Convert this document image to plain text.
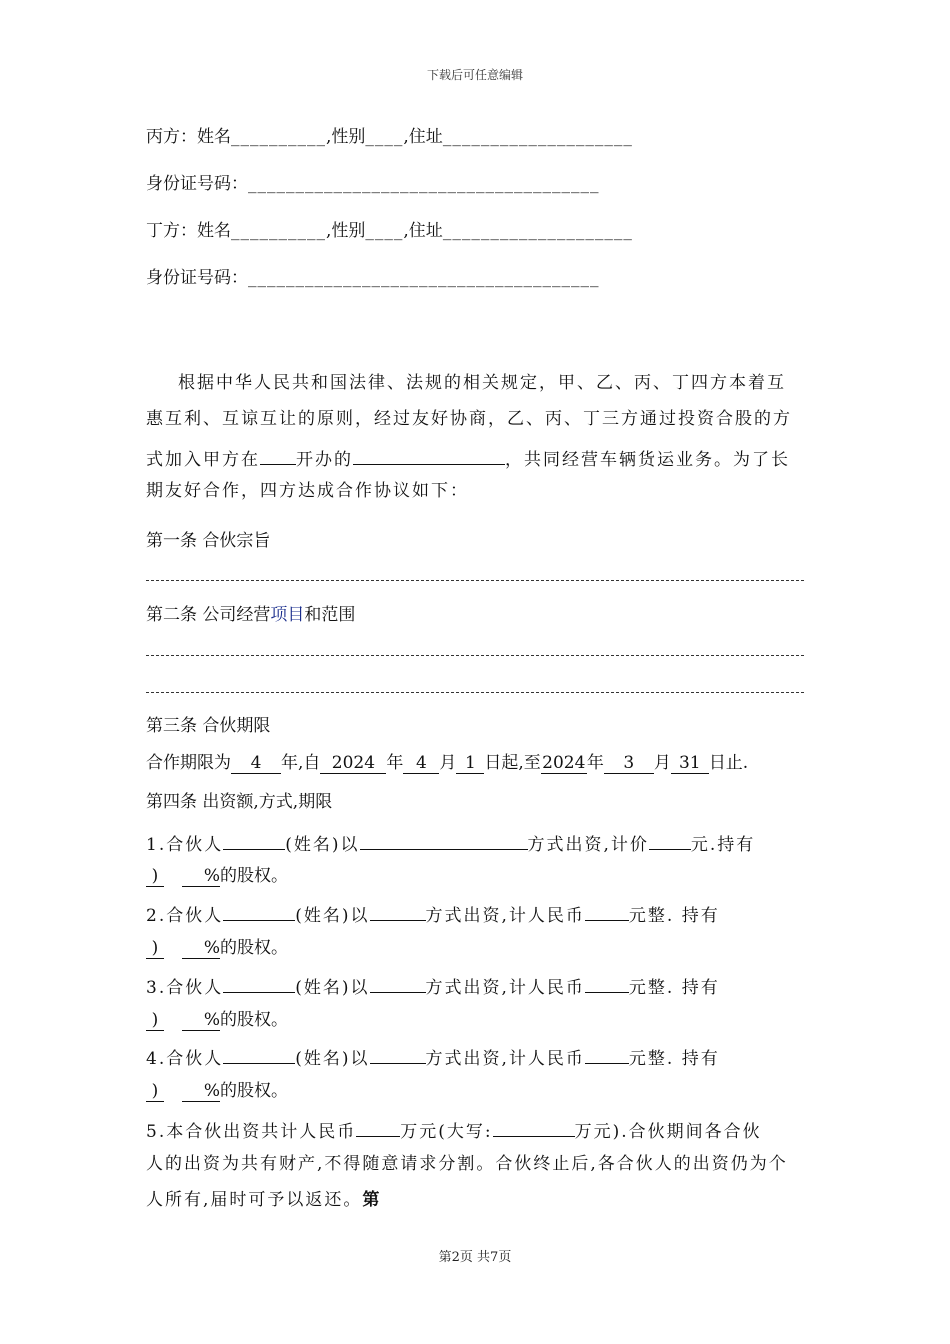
下载后可任意编辑
丙方：姓名__________,性别____,住址____________________
身份证号码：_____________________________________
丁方：姓名__________,性别____,住址____________________
身份证号码：_____________________________________
根据中华人民共和国法律、法规的相关规定，甲、乙、丙、丁四方本着互
惠互利、互谅互让的原则，经过友好协商，乙、丙、丁三方通过投资合股的方
式加入甲方在 开办的	，共同经营车辆货运业务。为了长
期友好合作，四方达成合作协议如下：
第一条 合伙宗旨
第二条 公司经营项目和范围
第三条 合伙期限
合作期限为 4 年,自 2024 年 4 月 1 日起,至2024年 3 月 31 日止.
第四条 出资额,方式,期限
1.合伙人	(姓名)以	方式出资,计价 元.持有
)	%的股权。
2.合伙人	(姓名)以	方式出资,计人民币	元整. 持有
)	%的股权。
3.合伙人	(姓名)以	方式出资,计人民币	元整. 持有
)	%的股权。
4.合伙人	(姓名)以	方式出资,计人民币	元整. 持有
)	%的股权。
5.本合伙出资共计人民币	万元(大写:	万元).合伙期间各合伙
人的出资为共有财产,不得随意请求分割。合伙终止后,各合伙人的出资仍为个
人所有,届时可予以返还。第
第2页 共7页
